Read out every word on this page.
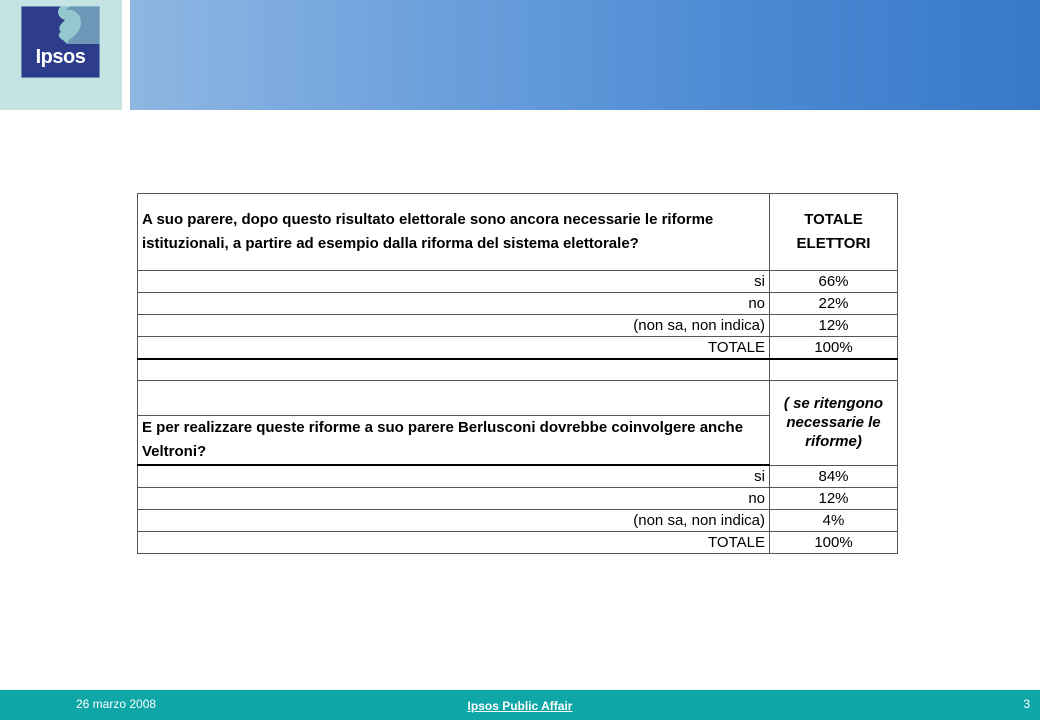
Ipsos
A suo parere, dopo questo risultato elettorale sono ancora necessarie le riforme istituzionali, a partire ad esempio dalla riforma del sistema elettorale?	TOTALE ELETTORI
si	66%
no	22%
(non sa, non indica)	12%
TOTALE	100%

	( se ritengono necessarie le riforme)
E per realizzare queste riforme a suo parere Berlusconi dovrebbe coinvolgere anche Veltroni?	
si	84%
no	12%
(non sa, non indica)	4%
TOTALE	100%
26 marzo 2008	Ipsos Public Affair	3
